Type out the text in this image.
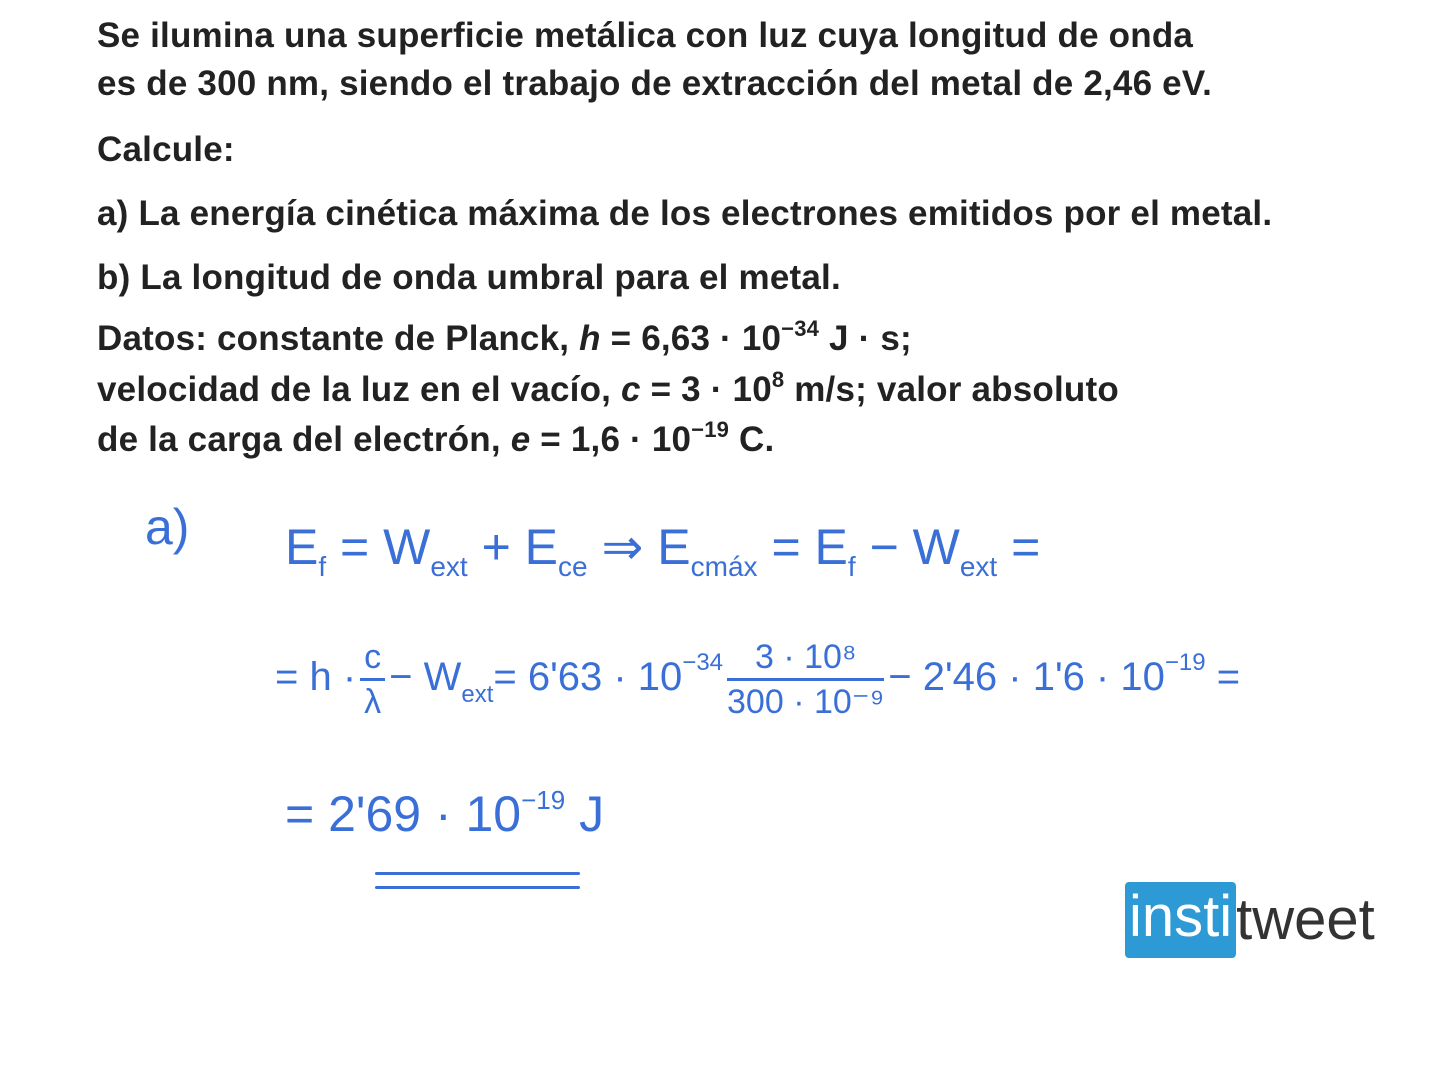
Se ilumina una superficie metálica con luz cuya longitud de onda
es de 300 nm, siendo el trabajo de extracción del metal de 2,46 eV.
Calcule:
a) La energía cinética máxima de los electrones emitidos por el metal.
b) La longitud de onda umbral para el metal.
Datos: constante de Planck, $h = 6,63 \cdot 10^{-34}$ J · s;
velocidad de la luz en el vacío, $c = 3 \cdot 10^8$ m/s; valor absoluto
de la carga del electrón, $e = 1,6 \cdot 10^{-19}$ C.
a) $E_f = W_{ext} + E_{ce}$ ⇒ $E_{cmáx} = E_f - W_{ext}$ =
= $h \cdot \frac{c}{\lambda} - W_{ext}= 6'63 \cdot 10^{-34} \frac{\text{3 · 10⁸}}{\text{300 · 10⁻⁹}} - 2'46 \cdot 1'6 \cdot 10^{-19}$ =
= $2'69 \cdot 10^{-19}$ J
insti tweet
